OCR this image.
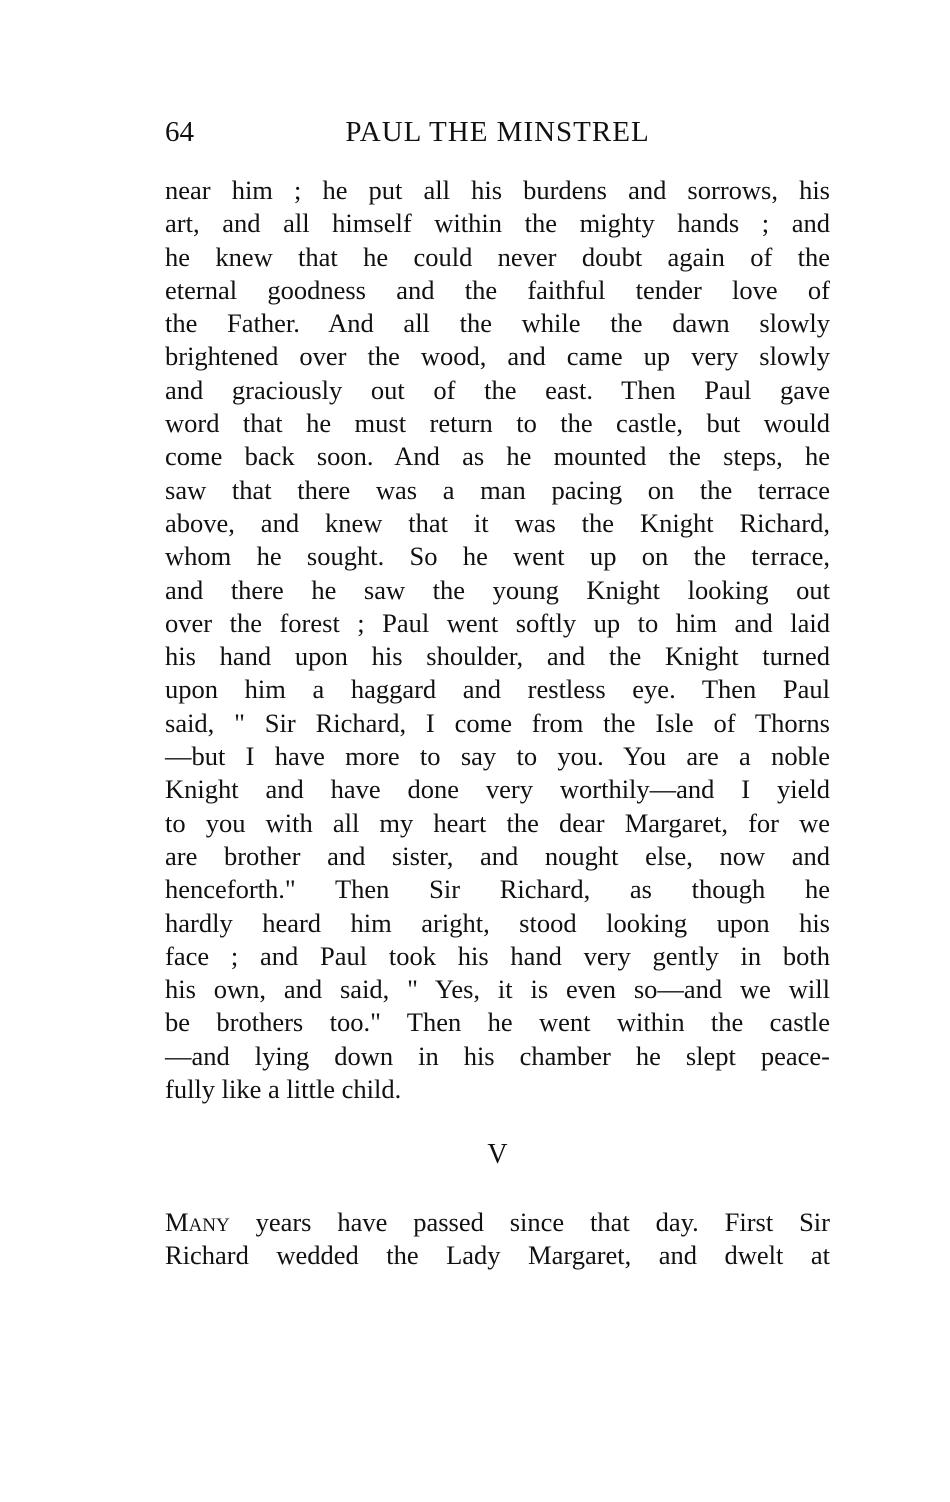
64	PAUL THE MINSTREL
near him ; he put all his burdens and sorrows, his
art, and all himself within the mighty hands ; and
he knew that he could never doubt again of the
eternal goodness and the faithful tender love of
the Father. And all the while the dawn slowly
brightened over the wood, and came up very slowly
and graciously out of the east. Then Paul gave
word that he must return to the castle, but would
come back soon. And as he mounted the steps, he
saw that there was a man pacing on the terrace
above, and knew that it was the Knight Richard,
whom he sought. So he went up on the terrace,
and there he saw the young Knight looking out
over the forest ; Paul went softly up to him and laid
his hand upon his shoulder, and the Knight turned
upon him a haggard and restless eye. Then Paul
said, " Sir Richard, I come from the Isle of Thorns
—but I have more to say to you. You are a noble
Knight and have done very worthily—and I yield
to you with all my heart the dear Margaret, for we
are brother and sister, and nought else, now and
henceforth." Then Sir Richard, as though he
hardly heard him aright, stood looking upon his
face ; and Paul took his hand very gently in both
his own, and said, " Yes, it is even so—and we will
be brothers too." Then he went within the castle
—and lying down in his chamber he slept peace-
fully like a little child.
V
Many years have passed since that day. First Sir
Richard wedded the Lady Margaret, and dwelt at
